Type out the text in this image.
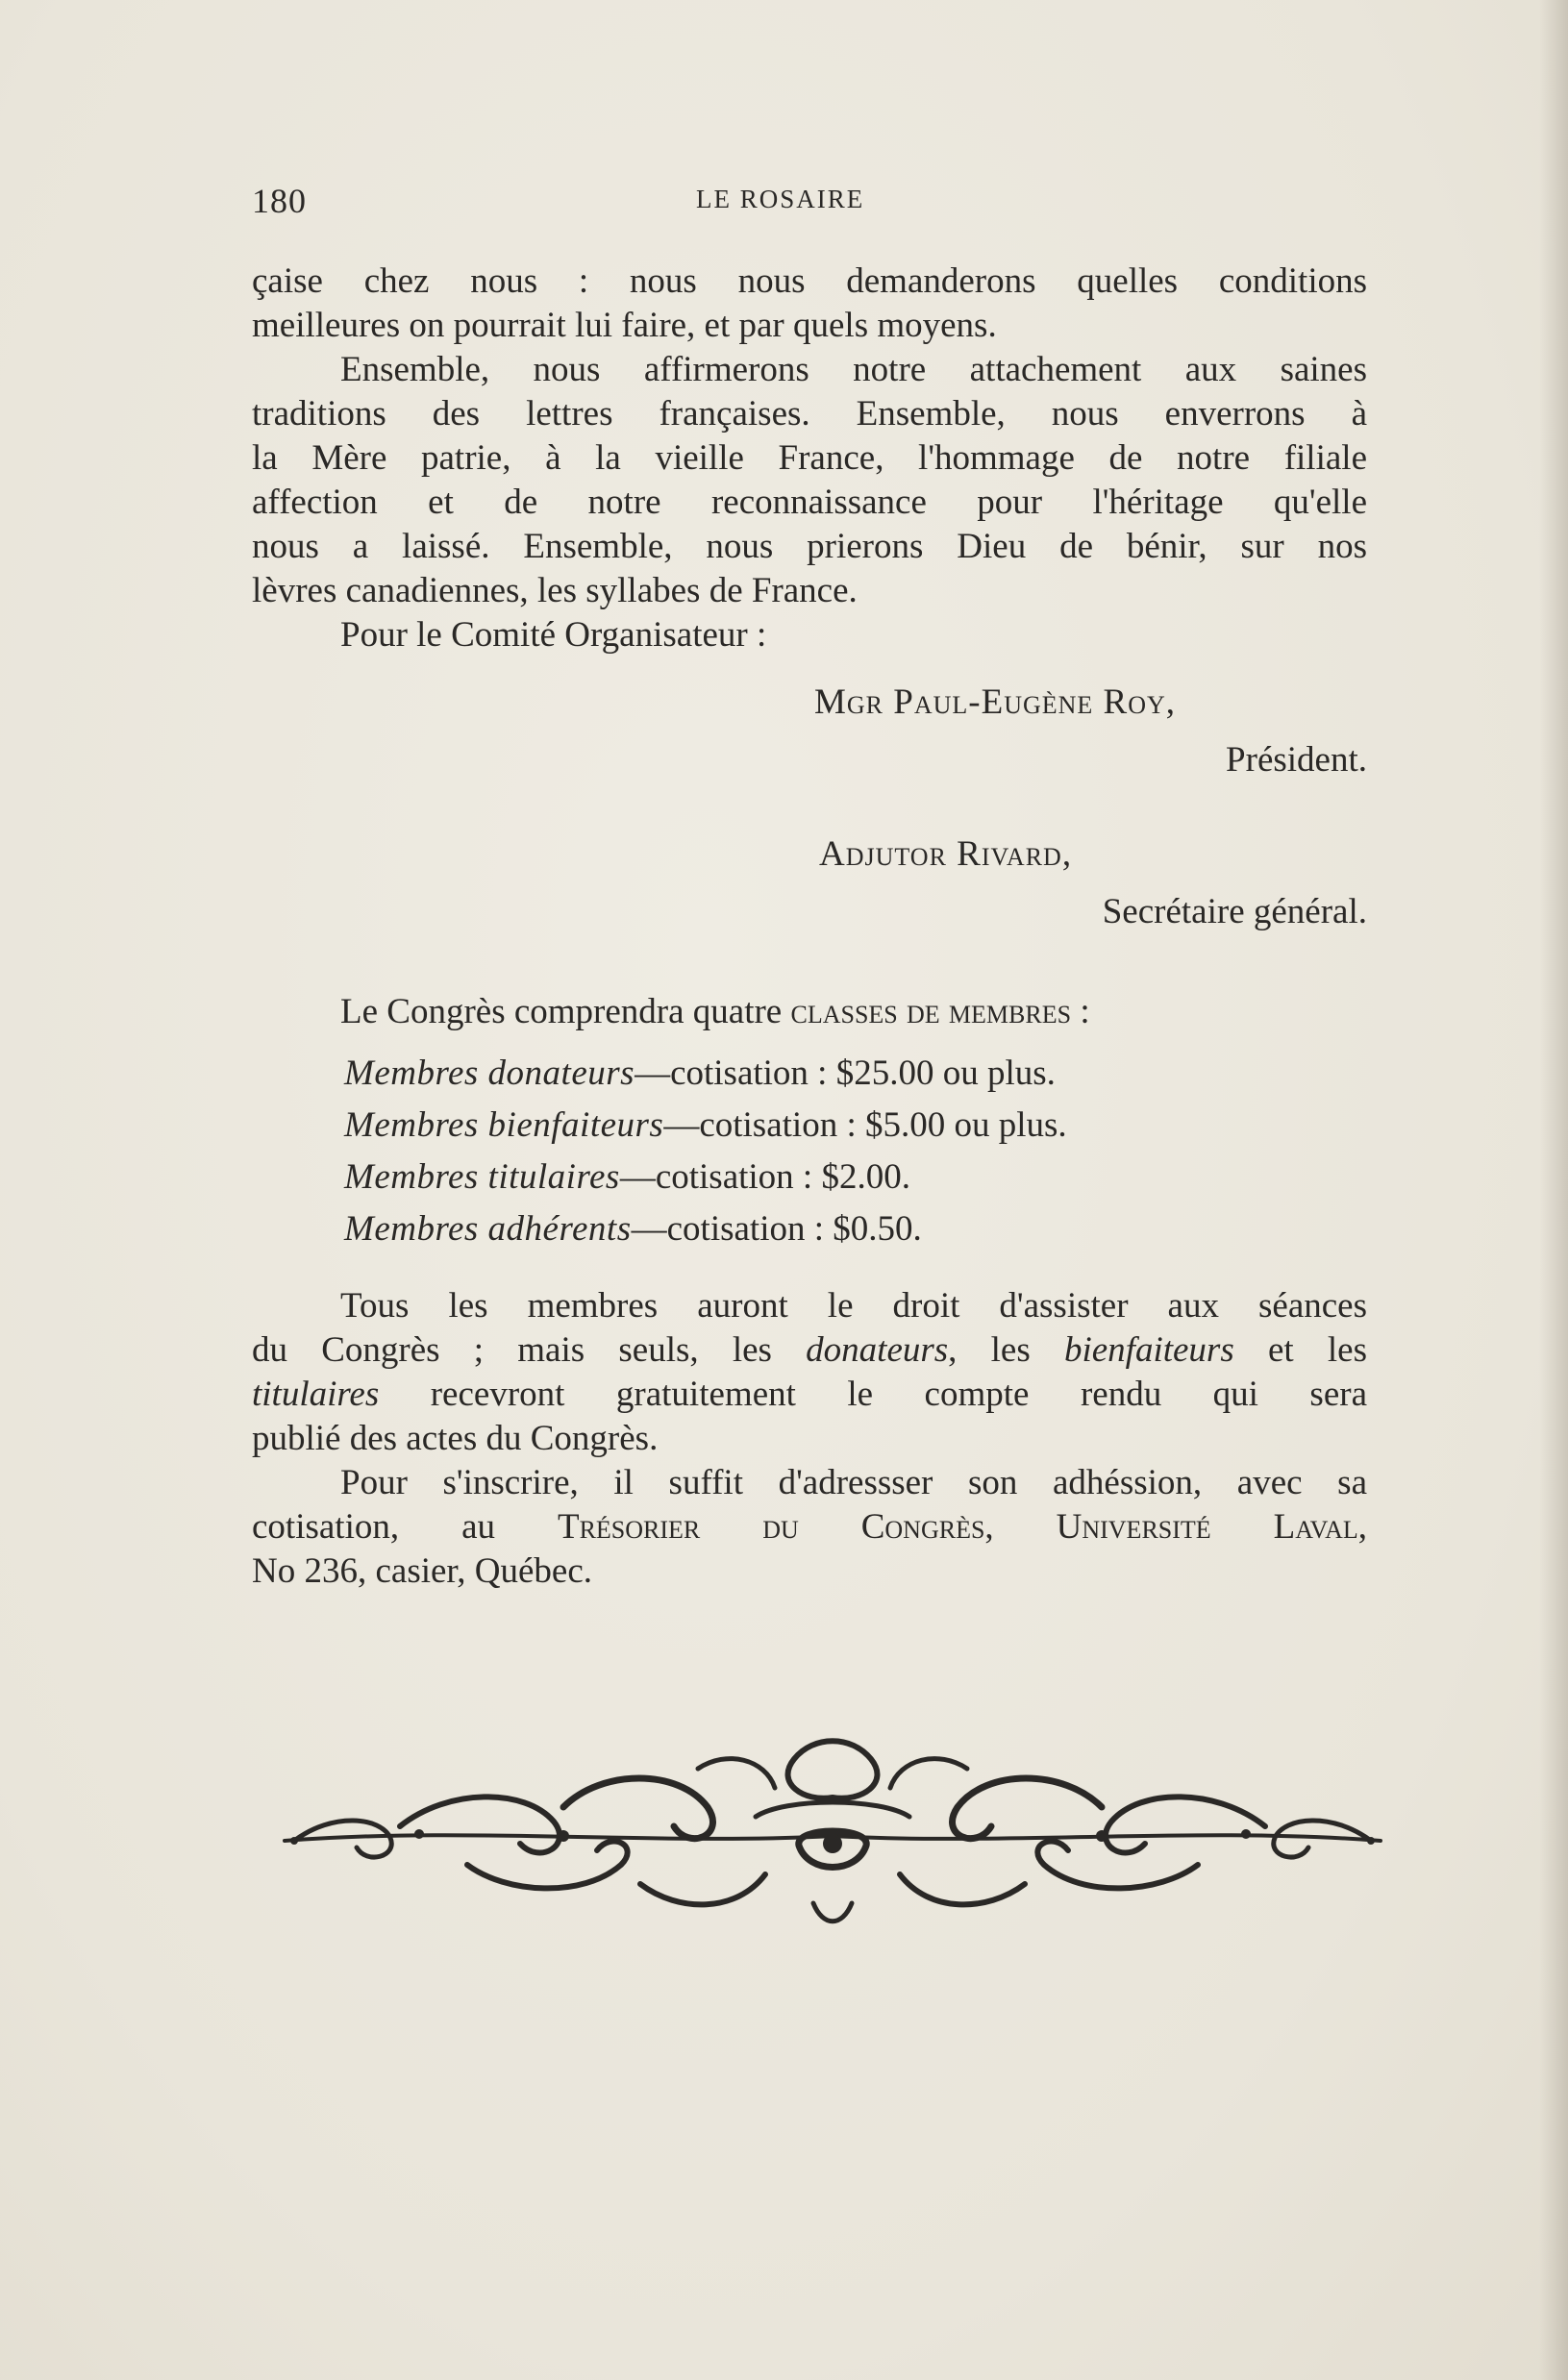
180	LE ROSAIRE
çaise chez nous : nous nous demanderons quelles conditions
meilleures on pourrait lui faire, et par quels moyens.
Ensemble, nous affirmerons notre attachement aux saines
traditions des lettres françaises. Ensemble, nous enverrons à
la Mère patrie, à la vieille France, l'hommage de notre filiale
affection et de notre reconnaissance pour l'héritage qu'elle
nous a laissé. Ensemble, nous prierons Dieu de bénir, sur nos
lèvres canadiennes, les syllabes de France.
Pour le Comité Organisateur :
Mgr Paul-Eugène Roy,
Président.
Adjutor Rivard,
Secrétaire général.
Le Congrès comprendra quatre classes de membres :
Membres donateurs—cotisation : $25.00 ou plus.
Membres bienfaiteurs—cotisation : $5.00 ou plus.
Membres titulaires—cotisation : $2.00.
Membres adhérents—cotisation : $0.50.
Tous les membres auront le droit d'assister aux séances
du Congrès ; mais seuls, les donateurs, les bienfaiteurs et les
titulaires recevront gratuitement le compte rendu qui sera
publié des actes du Congrès.
Pour s'inscrire, il suffit d'adressser son adhéssion, avec sa
cotisation, au Trésorier du Congrès, Université Laval,
No 236, casier, Québec.
